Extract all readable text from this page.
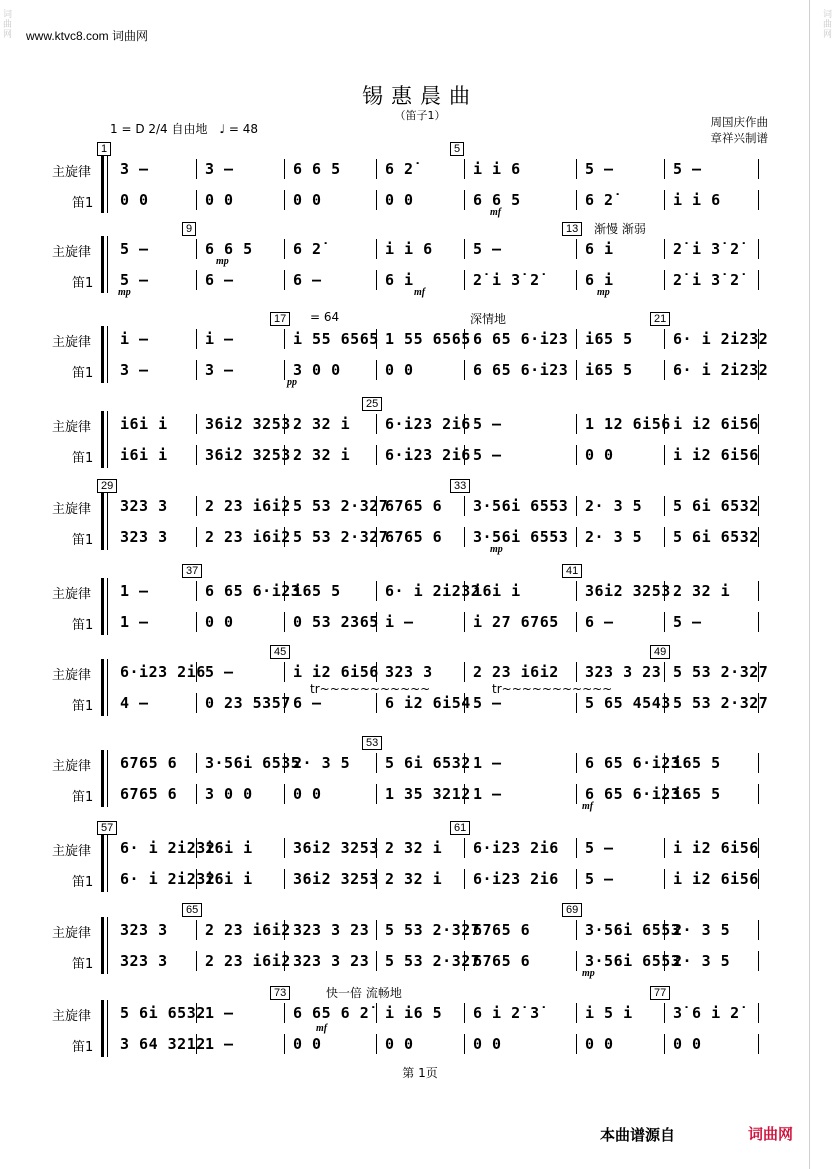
词
曲
网
词
曲
网
www.ktvc8.com 词曲网
锡惠晨曲
（笛子1）
1 = D 2/4 自由地 ♩ = 48	周国庆作曲
章祥兴制谱
主旋律
笛1
1
3 –
0 0
3 –
0 0
6 6 5
0 0
6 2̇
0 0
5
i i 6
6 6 5
5 –
6 2̇
5 –
i i 6
mf
主旋律
笛1
5 –
5 –
9
6 6 5
6 –
6 2̇
6 –
i i 6
6 i
5 –
2̇ i 3̇ 2̇
13
6 i
6 i
2̇ i 3̇ 2̇
2̇ i 3̇ 2̇
渐慢 渐弱
mp
mp	mf	mp
主旋律
笛1
i –
3 –
i –
3 –
17
i 55 6565
3 0 0
1 55 6565
0 0
6 65 6·i23
6 65 6·i23
i65 5
i65 5
21
6· i 2i232
6· i 2i232
= 64	深情地
pp
主旋律
笛1
i6i i
i6i i
36i2 3253
36i2 3253
2 32 i
2 32 i
25
6·i23 2i6
6·i23 2i6
5 –
5 –
1 12 6i56
0 0
i i2 6i56
i i2 6i56
主旋律
笛1
29
323 3
323 3
2 23 i6i2
2 23 i6i2
5 53 2·327
5 53 2·327
6765 6
6765 6
33
3·56i 6553
3·56i 6553
2· 3 5
2· 3 5
5 6i 6532
5 6i 6532
mp
主旋律
笛1
1 –
1 –
37
6 65 6·i23
0 0
i65 5
0 53 2365
6· i 2i232
i –
i6i i
i 27 6765
41
36i2 3253
6 –
2 32 i
5 –
主旋律
笛1
6·i23 2i6
4 –
5 –
0 23 5357
45
i i2 6i56
6 –
323 3
6 i2 6i54
2 23 i6i2
5 –
323 3 23
5 65 4543
49
5 53 2·327
5 53 2·327
tr~~~~~~~~~~~	tr~~~~~~~~~~~
主旋律
笛1
6765 6
6765 6
3·56i 6535
3 0 0
2· 3 5
0 0
53
5 6i 6532
1 35 3212
1 –
1 –
6 65 6·i23
6 65 6·i23
i65 5
i65 5
mf
主旋律
笛1
57
6· i 2i232
6· i 2i232
i6i i
i6i i
36i2 3253
36i2 3253
2 32 i
2 32 i
61
6·i23 2i6
6·i23 2i6
5 –
5 –
i i2 6i56
i i2 6i56
主旋律
笛1
323 3
323 3
65
2 23 i6i2
2 23 i6i2
323 3 23
323 3 23
5 53 2·327
5 53 2·327
6765 6
6765 6
69
3·56i 6553
3·56i 6553
2· 3 5
2· 3 5
mp
主旋律
笛1
5 6i 6532
3 64 3212
1 –
1 –
73
6 65 6 2̇
0 0
i i6 5
0 0
6 i 2̇ 3̇
0 0
i 5 i
0 0
77
3̇ 6 i 2̇
0 0
快一倍 流畅地
mf
第 1页
本曲谱源自	词曲网
